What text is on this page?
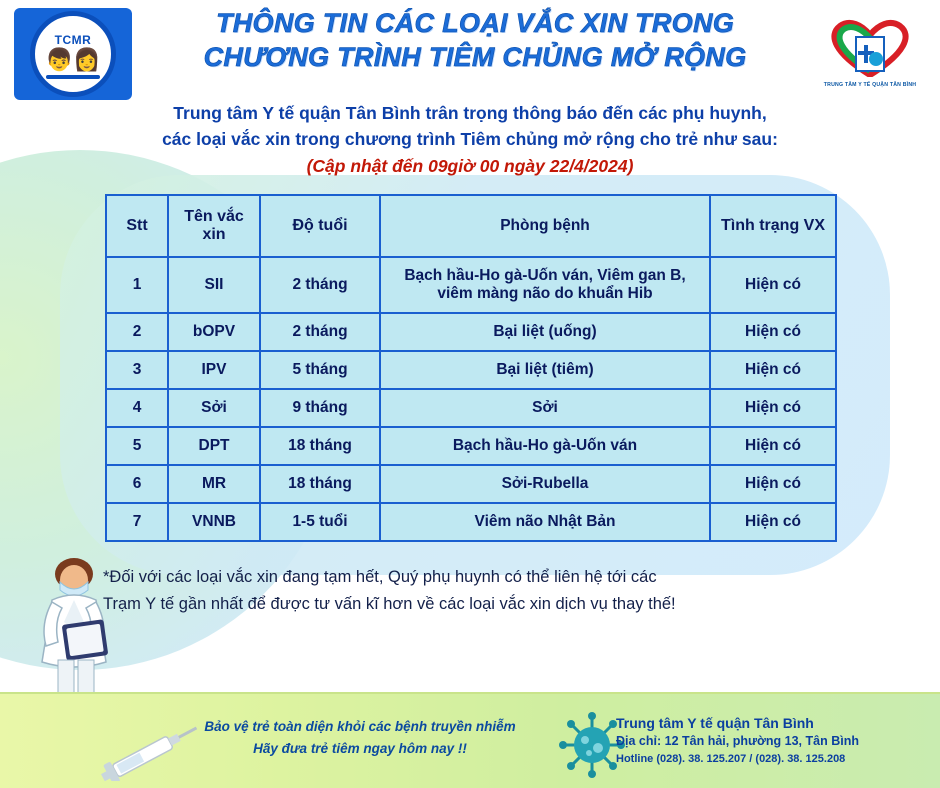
TCMR
👦👩
THÔNG TIN CÁC LOẠI VẮC XIN TRONG
CHƯƠNG TRÌNH TIÊM CHỦNG MỞ RỘNG
TRUNG TÂM Y TẾ QUẬN TÂN BÌNH
Trung tâm Y tế quận Tân Bình trân trọng thông báo đến các phụ huynh,
các loại vắc xin trong chương trình Tiêm chủng mở rộng cho trẻ như sau:
(Cập nhật đến 09giờ 00 ngày 22/4/2024)
Stt	Tên vắc xin	Độ tuổi	Phòng bệnh	Tình trạng VX
1	SII	2 tháng	Bạch hầu-Ho gà-Uốn ván, Viêm gan B, viêm màng não do khuẩn Hib	Hiện có
2	bOPV	2 tháng	Bại liệt (uống)	Hiện có
3	IPV	5 tháng	Bại liệt (tiêm)	Hiện có
4	Sởi	9 tháng	Sởi	Hiện có
5	DPT	18 tháng	Bạch hầu-Ho gà-Uốn ván	Hiện có
6	MR	18 tháng	Sởi-Rubella	Hiện có
7	VNNB	1-5 tuổi	Viêm não Nhật Bản	Hiện có
*Đối với các loại vắc xin đang tạm hết, Quý phụ huynh có thể liên hệ tới các
Trạm Y tế gần nhất để được tư vấn kĩ hơn về các loại vắc xin dịch vụ thay thế!
Bảo vệ trẻ toàn diện khỏi các bệnh truyền nhiễm
Hãy đưa trẻ tiêm ngay hôm nay !!
Trung tâm Y tế quận Tân Bình
Địa chỉ: 12 Tân hải, phường 13, Tân Bình
Hotline (028). 38. 125.207 / (028). 38. 125.208
